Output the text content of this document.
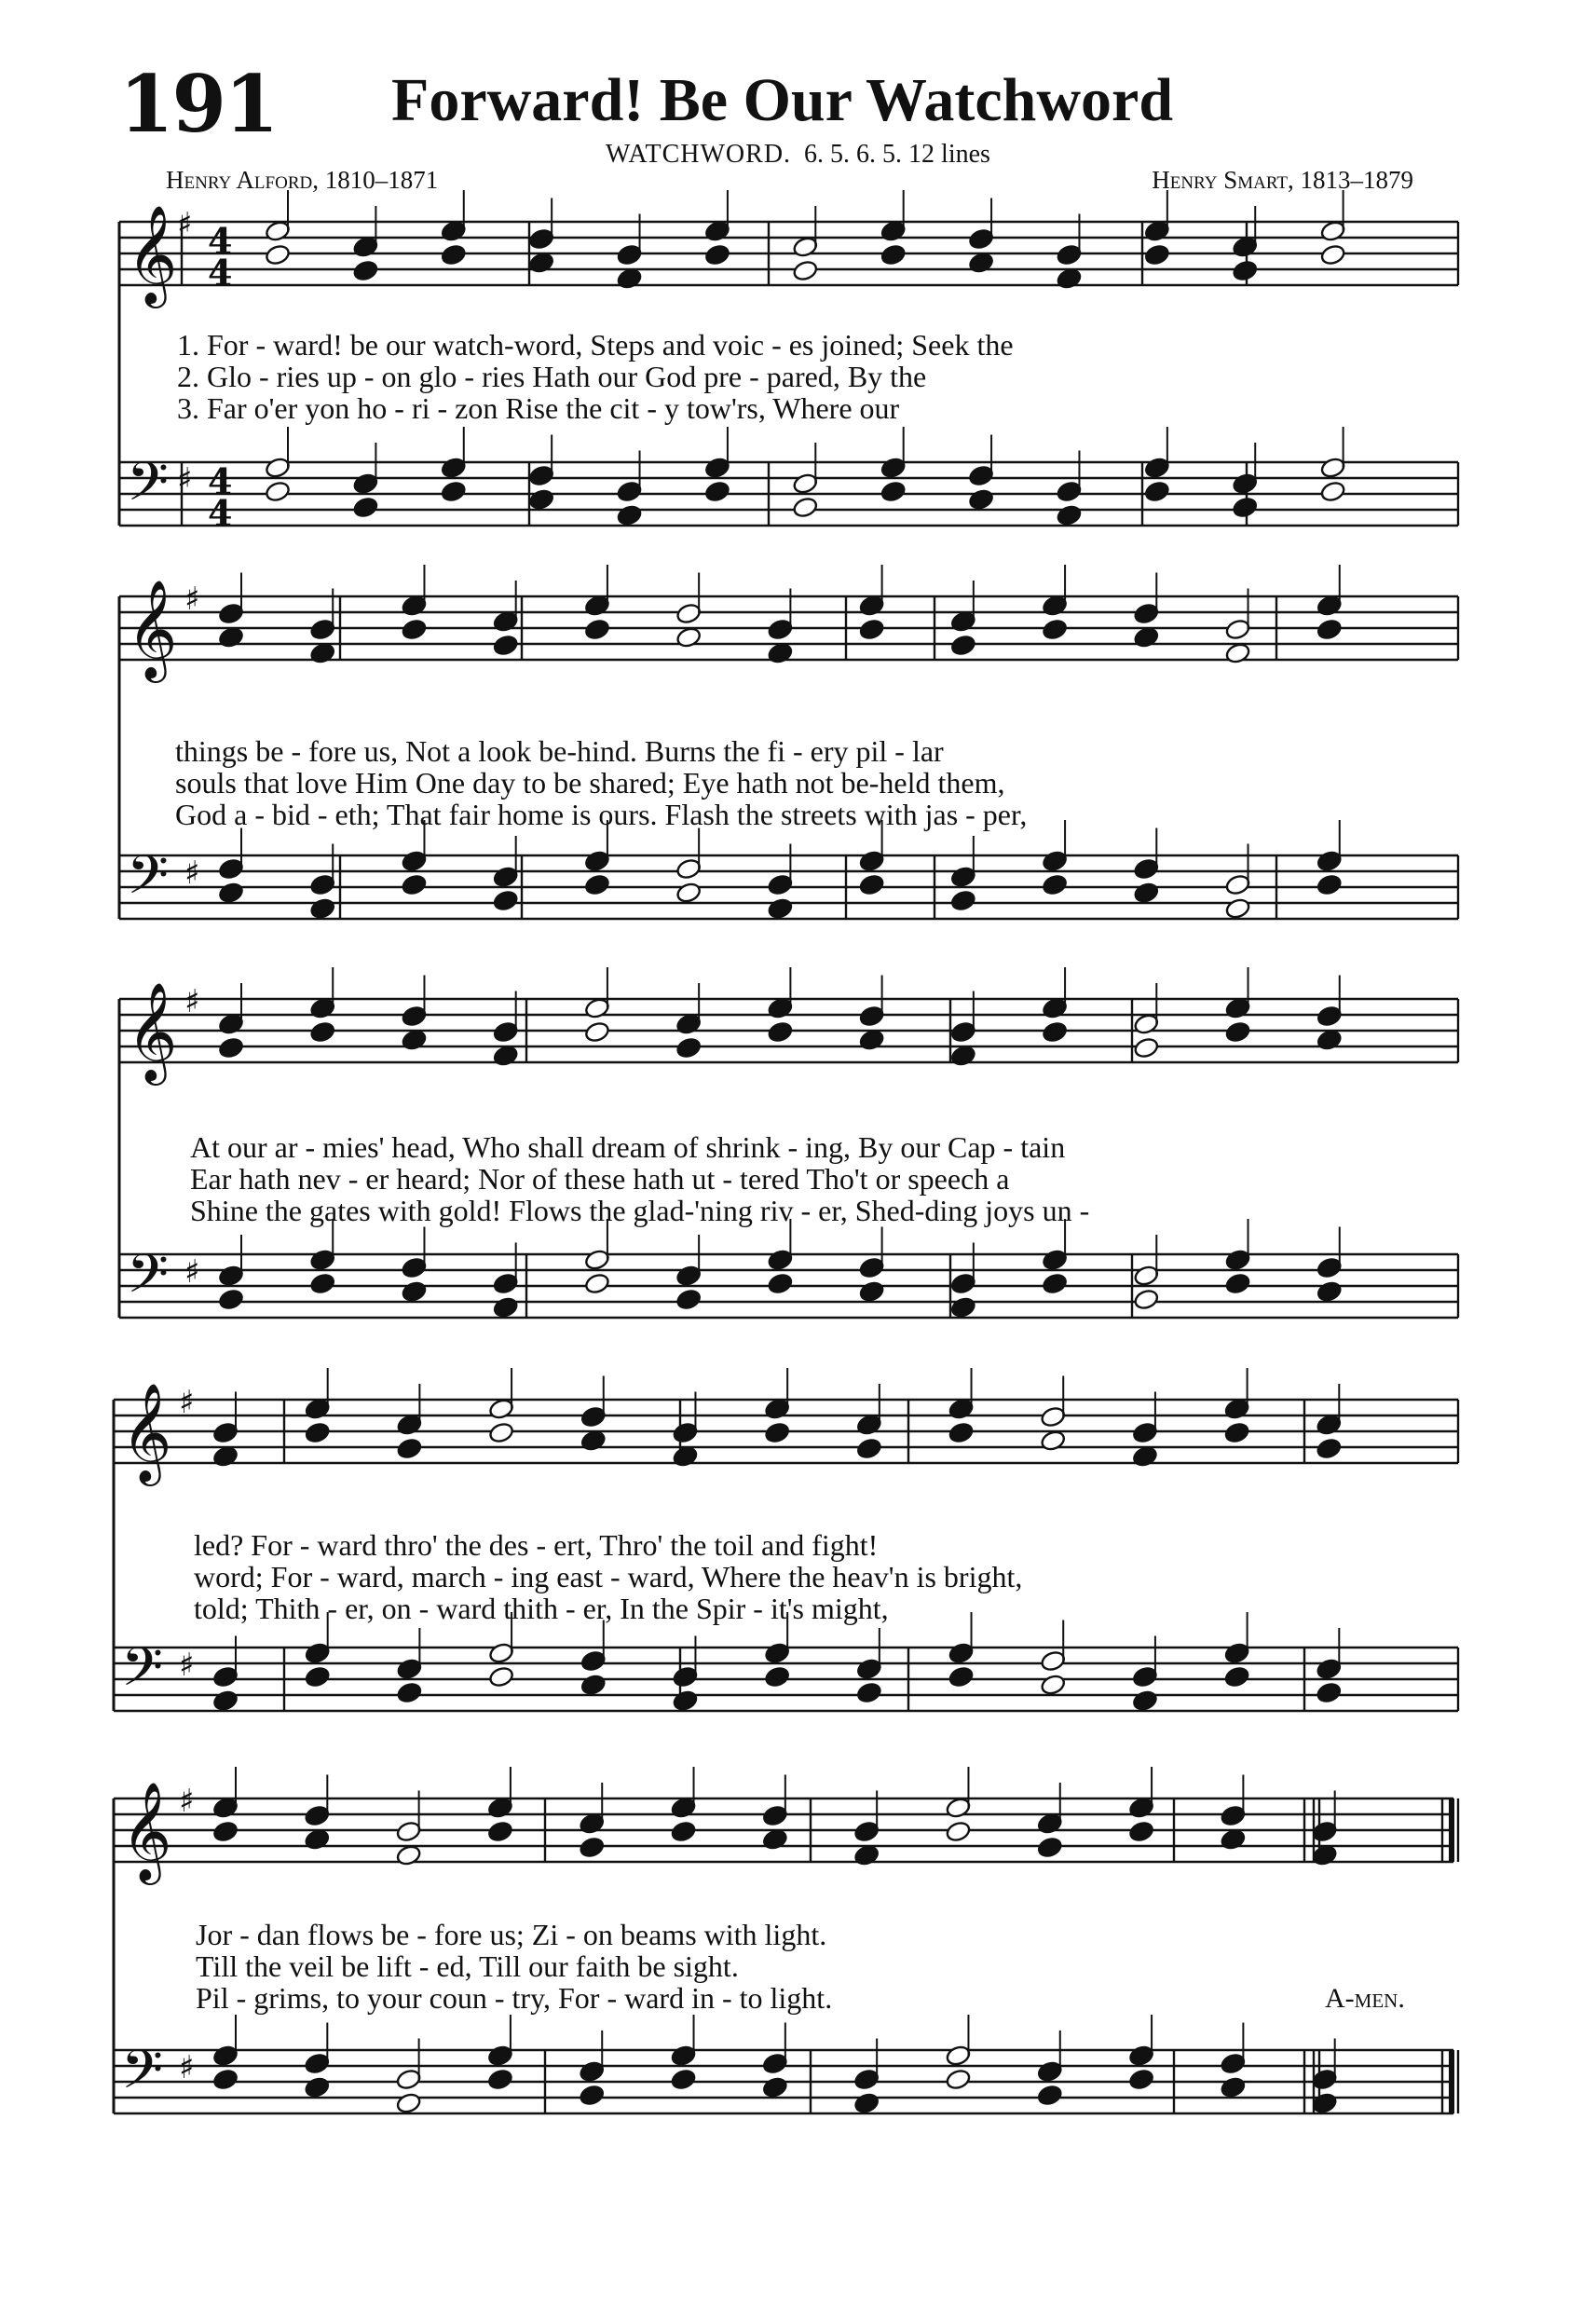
191 Forward! Be Our Watchword
WATCHWORD. 6. 5. 6. 5. 12 lines
Henry Alford, 1810–1871	Henry Smart, 1813–1879
𝄞 ♯ 4
4
𝄢 ♯ 4
4
𝄞 ♯
𝄢 ♯
𝄞 ♯
𝄢 ♯
𝄞 ♯
𝄢 ♯
𝄞 ♯
𝄢 ♯
1. For - ward! be our watch-word, Steps and voic - es joined; Seek the
2. Glo - ries up - on glo - ries Hath our God pre - pared, By the
3. Far o'er yon ho - ri - zon Rise the cit - y tow'rs, Where our
things be - fore us, Not a look be-hind. Burns the fi - ery pil - lar
souls that love Him One day to be shared; Eye hath not be-held them,
God a - bid - eth; That fair home is ours. Flash the streets with jas - per,
At our ar - mies' head, Who shall dream of shrink - ing, By our Cap - tain
Ear hath nev - er heard; Nor of these hath ut - tered Tho't or speech a
Shine the gates with gold! Flows the glad-'ning riv - er, Shed-ding joys un -
led? For - ward thro' the des - ert, Thro' the toil and fight!
word; For - ward, march - ing east - ward, Where the heav'n is bright,
told; Thith - er, on - ward thith - er, In the Spir - it's might,
Jor - dan flows be - fore us; Zi - on beams with light.
Till the veil be lift - ed, Till our faith be sight.
Pil - grims, to your coun - try, For - ward in - to light.	A-men.
